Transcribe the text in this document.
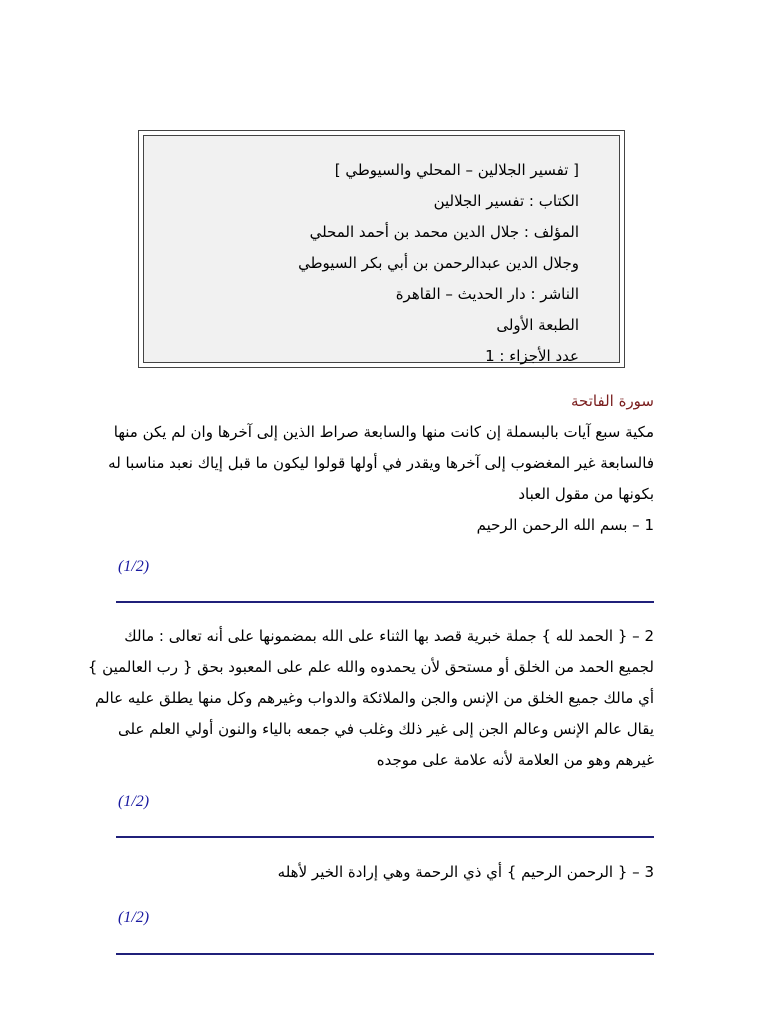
[ تفسير الجلالين – المحلي والسيوطي ]
الكتاب : تفسير الجلالين
المؤلف : جلال الدين محمد بن أحمد المحلي
وجلال الدين عبدالرحمن بن أبي بكر السيوطي
الناشر : دار الحديث – القاهرة
الطبعة الأولى
عدد الأجزاء : 1
سورة الفاتحة
مكية سبع آيات بالبسملة إن كانت منها والسابعة صراط الذين إلى آخرها وان لم يكن منها
فالسابعة غير المغضوب إلى آخرها ويقدر في أولها قولوا ليكون ما قبل إياك نعبد مناسبا له
بكونها من مقول العباد
1 – بسم الله الرحمن الرحيم
(1/2)
2 – { الحمد لله } جملة خبرية قصد بها الثناء على الله بمضمونها على أنه تعالى : مالك
لجميع الحمد من الخلق أو مستحق لأن يحمدوه والله علم على المعبود بحق { رب العالمين }
أي مالك جميع الخلق من الإنس والجن والملائكة والدواب وغيرهم وكل منها يطلق عليه عالم
يقال عالم الإنس وعالم الجن إلى غير ذلك وغلب في جمعه بالياء والنون أولي العلم على
غيرهم وهو من العلامة لأنه علامة على موجده
(1/2)
3 – { الرحمن الرحيم } أي ذي الرحمة وهي إرادة الخير لأهله
(1/2)
